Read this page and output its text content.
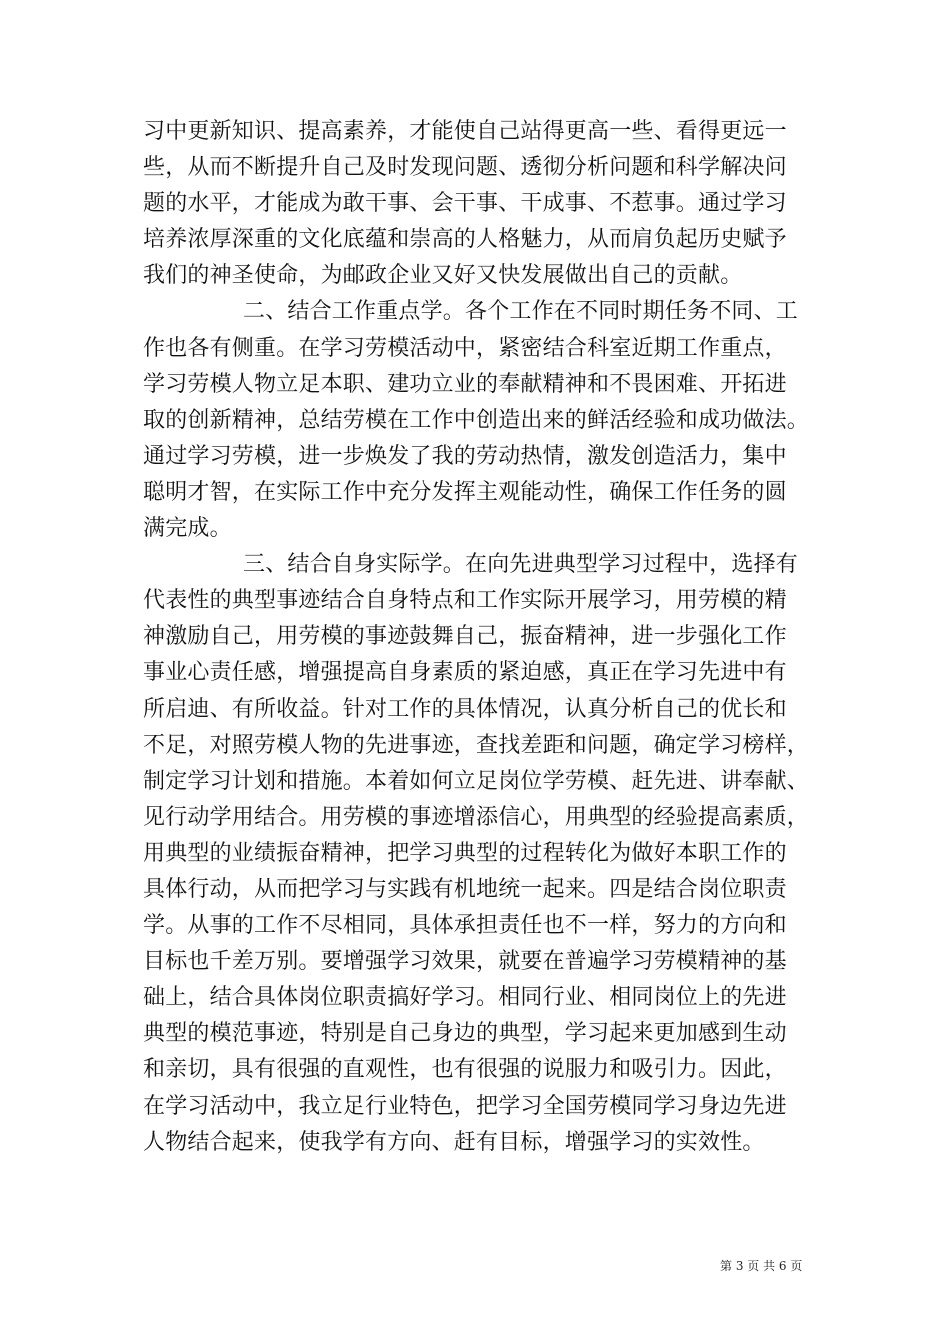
习中更新知识、提高素养，才能使自己站得更高一些、看得更远一
些，从而不断提升自己及时发现问题、透彻分析问题和科学解决问
题的水平，才能成为敢干事、会干事、干成事、不惹事。通过学习
培养浓厚深重的文化底蕴和崇高的人格魅力，从而肩负起历史赋予
我们的神圣使命，为邮政企业又好又快发展做出自己的贡献。
二、结合工作重点学。各个工作在不同时期任务不同、工
作也各有侧重。在学习劳模活动中，紧密结合科室近期工作重点，
学习劳模人物立足本职、建功立业的奉献精神和不畏困难、开拓进
取的创新精神，总结劳模在工作中创造出来的鲜活经验和成功做法。
通过学习劳模，进一步焕发了我的劳动热情，激发创造活力，集中
聪明才智，在实际工作中充分发挥主观能动性，确保工作任务的圆
满完成。
三、结合自身实际学。在向先进典型学习过程中，选择有
代表性的典型事迹结合自身特点和工作实际开展学习，用劳模的精
神激励自己，用劳模的事迹鼓舞自己，振奋精神，进一步强化工作
事业心责任感，增强提高自身素质的紧迫感，真正在学习先进中有
所启迪、有所收益。针对工作的具体情况，认真分析自己的优长和
不足，对照劳模人物的先进事迹，查找差距和问题，确定学习榜样，
制定学习计划和措施。本着如何立足岗位学劳模、赶先进、讲奉献、
见行动学用结合。用劳模的事迹增添信心，用典型的经验提高素质，
用典型的业绩振奋精神，把学习典型的过程转化为做好本职工作的
具体行动，从而把学习与实践有机地统一起来。四是结合岗位职责
学。从事的工作不尽相同，具体承担责任也不一样，努力的方向和
目标也千差万别。要增强学习效果，就要在普遍学习劳模精神的基
础上，结合具体岗位职责搞好学习。相同行业、相同岗位上的先进
典型的模范事迹，特别是自己身边的典型，学习起来更加感到生动
和亲切，具有很强的直观性，也有很强的说服力和吸引力。因此，
在学习活动中，我立足行业特色，把学习全国劳模同学习身边先进
人物结合起来，使我学有方向、赶有目标，增强学习的实效性。
第 3 页 共 6 页
